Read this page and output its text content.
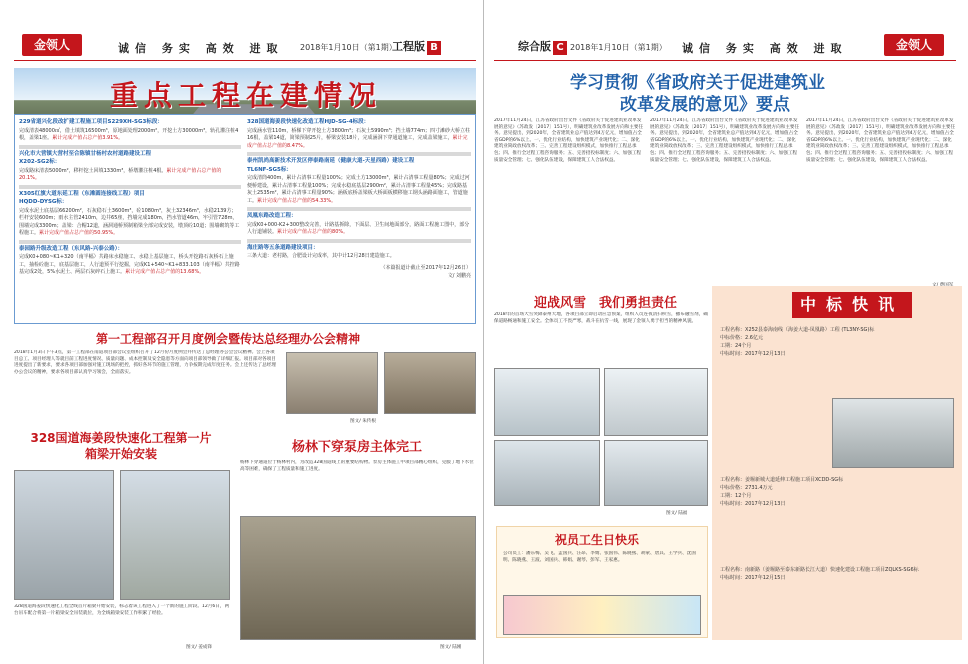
金领人	诚信 务实 高效 进取 2018年1月10日（第1期）
工程版 B
重点工程在建情况

229省道兴化段改扩建工程施工项目S229XH-SG3标段：

完成清表48000㎡，借土填筑16500m³，原地面处理2000m²，开挖土方30000m³，轨孔灌注桩4根，盖梁1座。累计完成产值占总产值3.91%。

兴化市大营镇大营村至合陈镇甘杨村农村道路建设工程

X202-SG2标：

完成路床清表5000m²，移杆挖土回填1330m³，桥墩灌注桩4根。累计完成产值占总产值的20.1%。

X305红旗大道东延工程（东滩圆连接线工程）项目

HQDD-DYSG标：

完成水泥土底基层66200m²，石灰稳石土3600m³，砼1080m³，灰土32346m³，水稳2139方；栏杆安装600m；雨水主管2410m，边井65座，挡墙完成180m，挡水管道46m，牢引管728m，围墙完成3300m；盖梁：合帽12道，涵洞通桥预制箱梁全部完成安装，墩顶砼10道；围墙砌筑等工程施工。累计完成产值占总产值的50.95%。

泰园路升级改造工程（东风路-兴泰公路）：

完成K0+080~K1+320（南半幅）共路床水稳施工、水稳上基层施工，桥头开挖路石灰桥石上施工，抽检砼施工，底基层施工，人行道预平行挖掘，完成K1+540~K1+833.103（南半幅）共控路基完成2处，5%水泥土、两层石灰碎石上施工。累计完成产值占总产值的13.68%。

328国道海姜段快速化改造工程HJD-SG-4标段：

完成涵水管110m，桥梯下穿开挖土方3800m³；石灰土5990m³；挡土墙774m；四寸滩砂大桥立柱16根，盖梁14道，简梁预制25片，桥梁安装18片，完成涵洞下穿通道施工，完成盖梁施工，累计完成产值占总产值的8.47%。

泰州凯尚高新技术开发区停泰路南延（健康大道-天星西路）建设工程

TL6NF-SG5标：

完成清筒400m，累计占清事工程量100%；完成土方13000m³，累计占清事工程量80%；完成过河便桥建设，累计占清事工程量100%；完成水稳底基层2900m²，累计占清事工程量45%；完成路基灰土2535m²，累计占清事工程量90%；涵板底桥盖梁板大桥面板横移施工钢头涵路面施工，管道施工。累计完成产值占总产值的54.33%。

凤凰东路改造工程：

完成K0+000-K2+300整改完善，计路基拆除，下面层、卫生间地面部分，路面工程施工图中，部分人行道铺装。累计完成产值占总产值的80%。

海庄路等五条道路建设项目：

三条大道：老村路，合肥设计完成率，其中计12月28日建造施工。

（本篇报道计截止至2017年12月26日）

文/ 刘鹏亮

第一工程部召开月度例会暨传达总经理办公会精神
2018年1月3日下午3点，第一工程部在南道项目部会议室组织召开了12月份月度例会并传达了总经理办公会会议精神。会上各项目总工、项目经理人等就目前工程进度情况、质量问题、成本控制及安全隐患等方面向项目部领导做了详细汇报。项目部对各项目进度提出了新要求，要求各项目部加强对施工现场的把控，抓好各环节的施工管理，力争按期完成年度任务。会上还传达了总经理办公会议的精神，要求各项目部认真学习领会，全面落实。
图文/ 朱传根
328国道海姜段快速化工程第一片箱梁开始安装
328国道海姜段快速化工程全线首片箱梁开始安装，标志着该工程进入了一个新的施工阶段。12月6日，两台吊车配合将第一片箱梁安全吊装就位，为全线箱梁安装工作积累了经验。
图文/ 姜成锋
杨林下穿泵房主体完工
杨林下穿通道位于杨林村内，为改造328国道线上的重要结构物。泵房主体施工中项目部精心组织，克服了地下水位高等困难，确保了工程质量和施工进度。
图文/ 陆刚
综合版 C 2018年1月10日（第1期） 诚信 务实 高效 进取	金领人
学习贯彻《省政府关于促进建筑业
改革发展的意见》要点
2017年11月24日，江苏省政府出台文件《省政府关于促进建筑业改革发展的意见》（苏政发〔2017〕151号），明确建筑业改革发展方向和主要任务。意见提出，到2020年，全省建筑业总产值达到4万亿元，增加值占全省GDP的6%以上。一、优化行业结构，加快建筑产业现代化；二、深化建筑业简政放权改革；三、完善工程建设组织模式，加快推行工程总承包；四、推行全过程工程咨询服务；五、完善招投标制度；六、加强工程质量安全管理；七、强化队伍建设，保障建筑工人合法权益。
2017年11月24日，江苏省政府出台文件《省政府关于促进建筑业改革发展的意见》（苏政发〔2017〕151号），明确建筑业改革发展方向和主要任务。意见提出，到2020年，全省建筑业总产值达到4万亿元，增加值占全省GDP的6%以上。一、优化行业结构，加快建筑产业现代化；二、深化建筑业简政放权改革；三、完善工程建设组织模式，加快推行工程总承包；四、推行全过程工程咨询服务；五、完善招投标制度；六、加强工程质量安全管理；七、强化队伍建设，保障建筑工人合法权益。
2017年11月24日，江苏省政府出台文件《省政府关于促进建筑业改革发展的意见》（苏政发〔2017〕151号），明确建筑业改革发展方向和主要任务。意见提出，到2020年，全省建筑业总产值达到4万亿元，增加值占全省GDP的6%以上。一、优化行业结构，加快建筑产业现代化；二、深化建筑业简政放权改革；三、完善工程建设组织模式，加快推行工程总承包；四、推行全过程工程咨询服务；五、完善招投标制度；六、加强工程质量安全管理；七、强化队伍建设，保障建筑工人合法权益。
迎战风雪　我们勇担责任
2018年的首场大雪突降泰州大地，各项目部立即启动应急预案，组织人员连夜清扫积雪，撒布融雪剂，确保道路畅通和施工安全。全体员工不畏严寒，战斗在抗雪一线，展现了金领人勇于担当的精神风貌。
图文/ 陆福
祝员工生日快乐
公司员工：潘东梅、吴飞、孟国兵、汪昂、李婧、张国伟、陈晓燕、胡蒙、唐其、王学兵、沈国明、陈晓燕、王波、刘国兵、韩娟、谢琴、彭军、王家惠。
中标快讯

工程名称：X252县泰海南线（海姜大道-凤凰路）工程 (TL3NY-SG)标

中标价格：2.6亿元

工期：24个月

中标时间：2017年12月13日

工程名称：姜堰新城大道延伸工程施工项目XCDD-SG标

中标价格：2731.4万元

工期：12个月

中标时间：2017年12月13日

工程名称：南新路（姜堰路至泰东新路长江大道）快速化建设工程施工项目ZQLKS-SG6标

中标时间：2017年12月15日
